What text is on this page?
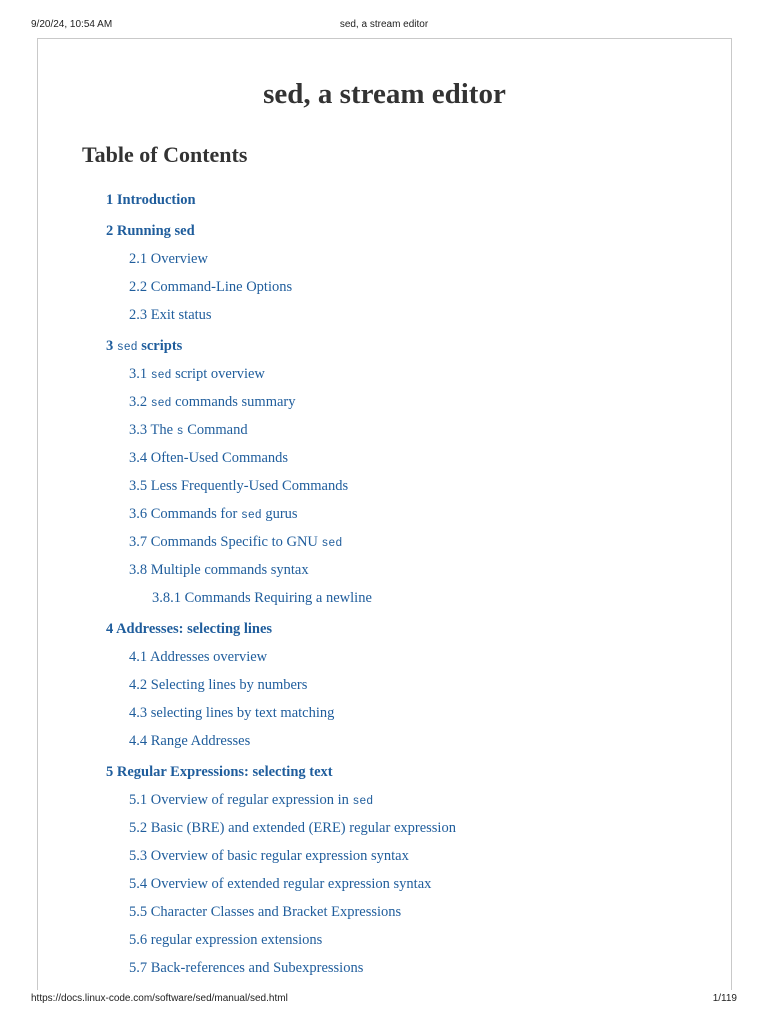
9/20/24, 10:54 AM	sed, a stream editor
sed, a stream editor
Table of Contents
1 Introduction
2 Running sed
2.1 Overview
2.2 Command-Line Options
2.3 Exit status
3 sed scripts
3.1 sed script overview
3.2 sed commands summary
3.3 The s Command
3.4 Often-Used Commands
3.5 Less Frequently-Used Commands
3.6 Commands for sed gurus
3.7 Commands Specific to GNU sed
3.8 Multiple commands syntax
3.8.1 Commands Requiring a newline
4 Addresses: selecting lines
4.1 Addresses overview
4.2 Selecting lines by numbers
4.3 selecting lines by text matching
4.4 Range Addresses
5 Regular Expressions: selecting text
5.1 Overview of regular expression in sed
5.2 Basic (BRE) and extended (ERE) regular expression
5.3 Overview of basic regular expression syntax
5.4 Overview of extended regular expression syntax
5.5 Character Classes and Bracket Expressions
5.6 regular expression extensions
5.7 Back-references and Subexpressions
https://docs.linux-code.com/software/sed/manual/sed.html	1/119
